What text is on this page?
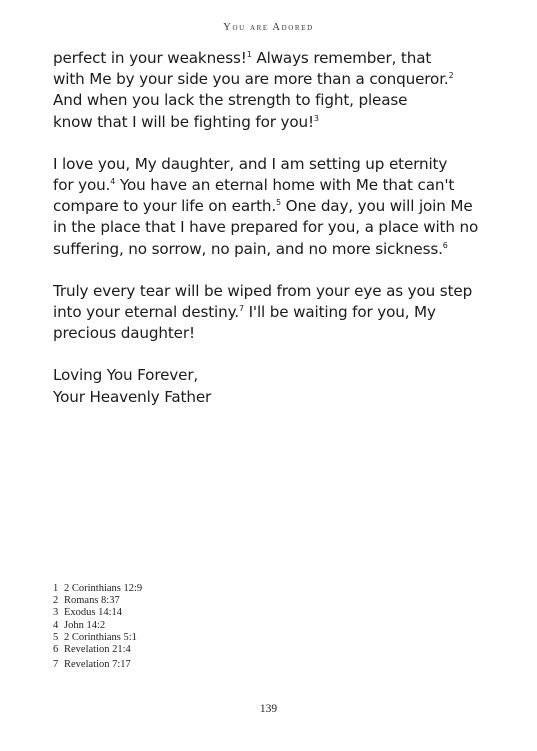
You are Adored

perfect in your weakness!$^1$ Always remember, that
with Me by your side you are more than a conqueror.$^2$
And when you lack the strength to fight, please
know that I will be fighting for you!$^3$

I love you, My daughter, and I am setting up eternity
for you.$^4$ You have an eternal home with Me that can't
compare to your life on earth.$^5$ One day, you will join Me
in the place that I have prepared for you, a place with no
suffering, no sorrow, no pain, and no more sickness.$^6$

Truly every tear will be wiped from your eye as you step
into your eternal destiny.$^7$ I'll be waiting for you, My
precious daughter!

Loving You Forever,
Your Heavenly Father

1 2 Corinthians 12:9
2 Romans 8:37
3 Exodus 14:14
4 John 14:2
5 2 Corinthians 5:1
6 Revelation 21:4
7 Revelation 7:17
139
